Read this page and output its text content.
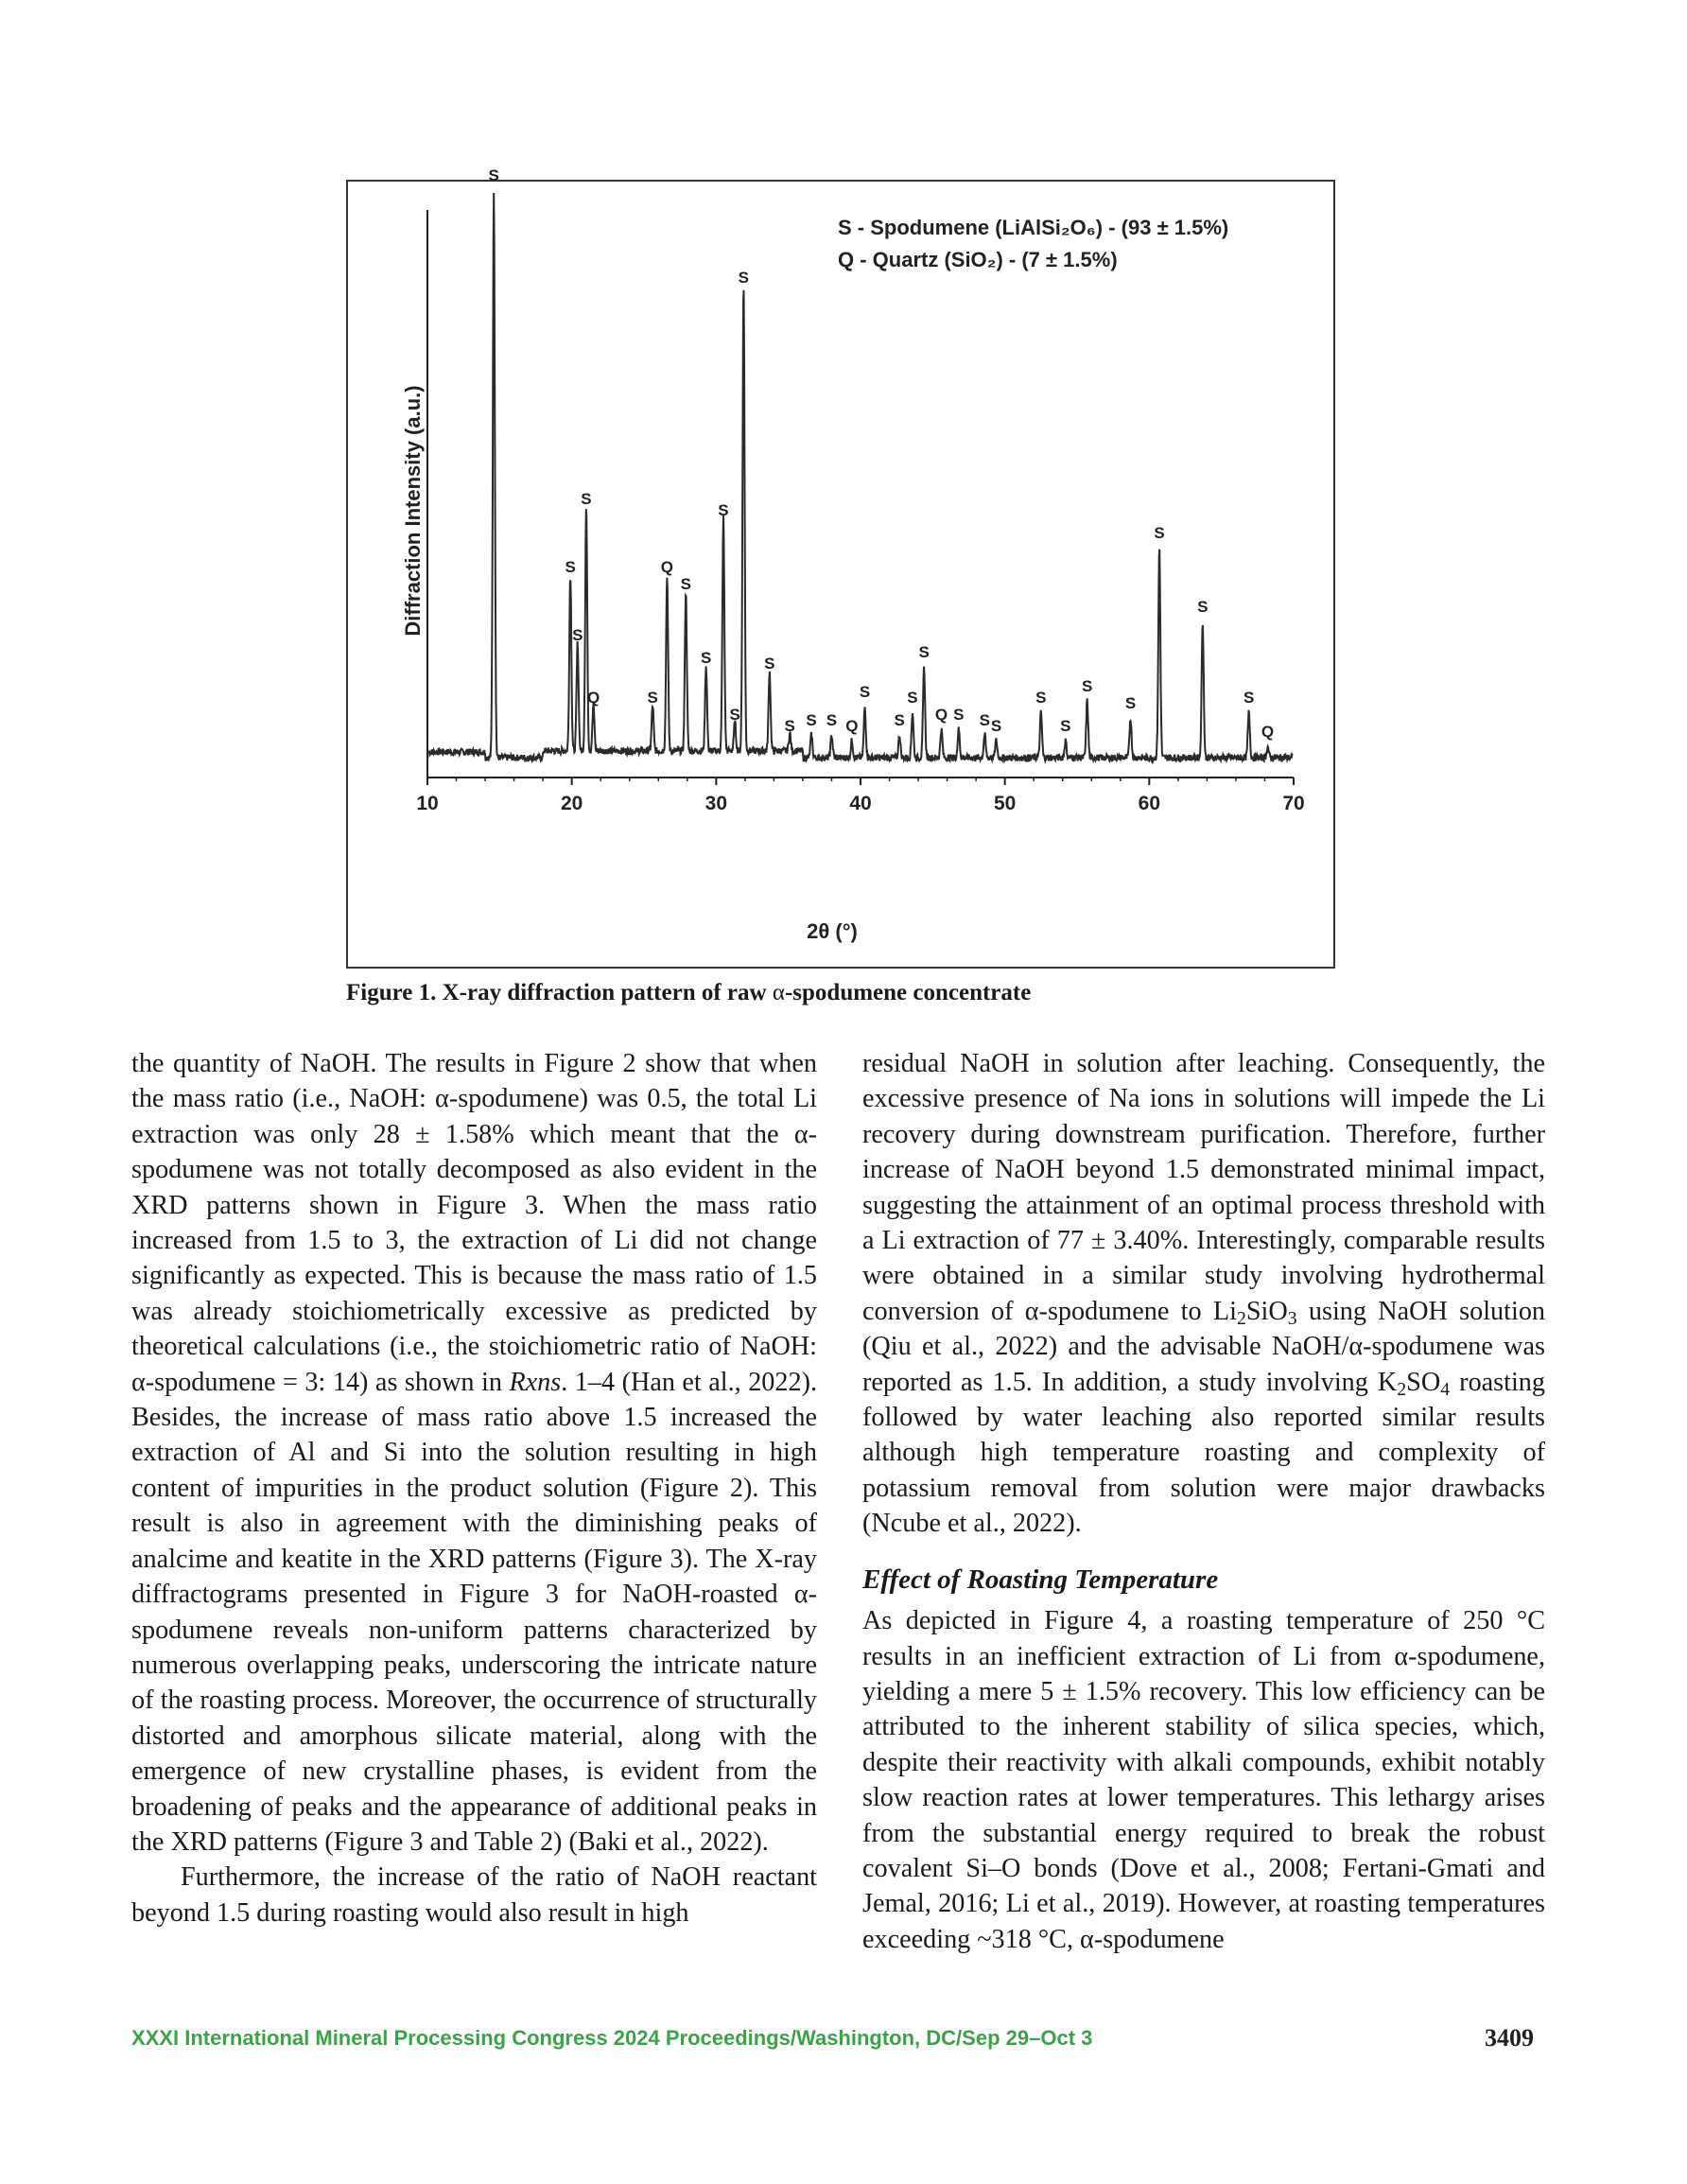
10	20	30	40	50	60	70
S
S
S
S
Q	S
Q
S
S
S
S
S
S
S S S Q
S
S
S
S
Q S S S
S
S
S
S
S
S
S
Q
S - Spodumene (LiAlSi₂O₆) - (93 ± 1.5%)
Q - Quartz (SiO₂) - (7 ± 1.5%)
2θ (°)
Diffraction Intensity (a.u.)
Figure 1. X-ray diffraction pattern of raw α-spodumene concentrate

the quantity of NaOH. The results in Figure 2 show that when the mass ratio (i.e., NaOH: α-spodumene) was 0.5, the total Li extraction was only 28 ± 1.58% which meant that the α-spodumene was not totally decomposed as also evident in the XRD patterns shown in Figure 3. When the mass ratio increased from 1.5 to 3, the extraction of Li did not change significantly as expected. This is because the mass ratio of 1.5 was already stoichiometrically excessive as predicted by theoretical calculations (i.e., the stoichiometric ratio of NaOH: α-spodumene = 3: 14) as shown in Rxns. 1–4 (Han et al., 2022). Besides, the increase of mass ratio above 1.5 increased the extraction of Al and Si into the solution resulting in high content of impurities in the product solution (Figure 2). This result is also in agreement with the diminishing peaks of analcime and keatite in the XRD patterns (Figure 3). The X-ray diffractograms presented in Figure 3 for NaOH-roasted α-spodumene reveals non-uniform patterns characterized by numerous overlapping peaks, underscoring the intricate nature of the roasting process. Moreover, the occurrence of structurally distorted and amorphous silicate material, along with the emergence of new crystalline phases, is evident from the broadening of peaks and the appearance of additional peaks in the XRD patterns (Figure 3 and Table 2) (Baki et al., 2022).

Furthermore, the increase of the ratio of NaOH reactant beyond 1.5 during roasting would also result in high

residual NaOH in solution after leaching. Consequently, the excessive presence of Na ions in solutions will impede the Li recovery during downstream purification. Therefore, further increase of NaOH beyond 1.5 demonstrated minimal impact, suggesting the attainment of an optimal process threshold with a Li extraction of 77 ± 3.40%. Interestingly, comparable results were obtained in a similar study involving hydrothermal conversion of α-spodumene to $Li_2SiO_3$ using NaOH solution (Qiu et al., 2022) and the advisable NaOH/α-spodumene was reported as 1.5. In addition, a study involving $K_2SO_4$ roasting followed by water leaching also reported similar results although high temperature roasting and complexity of potassium removal from solution were major drawbacks (Ncube et al., 2022).

Effect of Roasting Temperature

As depicted in Figure 4, a roasting temperature of 250 °C results in an inefficient extraction of Li from α-spodumene, yielding a mere 5 ± 1.5% recovery. This low efficiency can be attributed to the inherent stability of silica species, which, despite their reactivity with alkali compounds, exhibit notably slow reaction rates at lower temperatures. This lethargy arises from the substantial energy required to break the robust covalent Si–O bonds (Dove et al., 2008; Fertani-Gmati and Jemal, 2016; Li et al., 2019). However, at roasting temperatures exceeding ~318 °C, α-spodumene

XXXI International Mineral Processing Congress 2024 Proceedings/Washington, DC/Sep 29–Oct 3	3409
